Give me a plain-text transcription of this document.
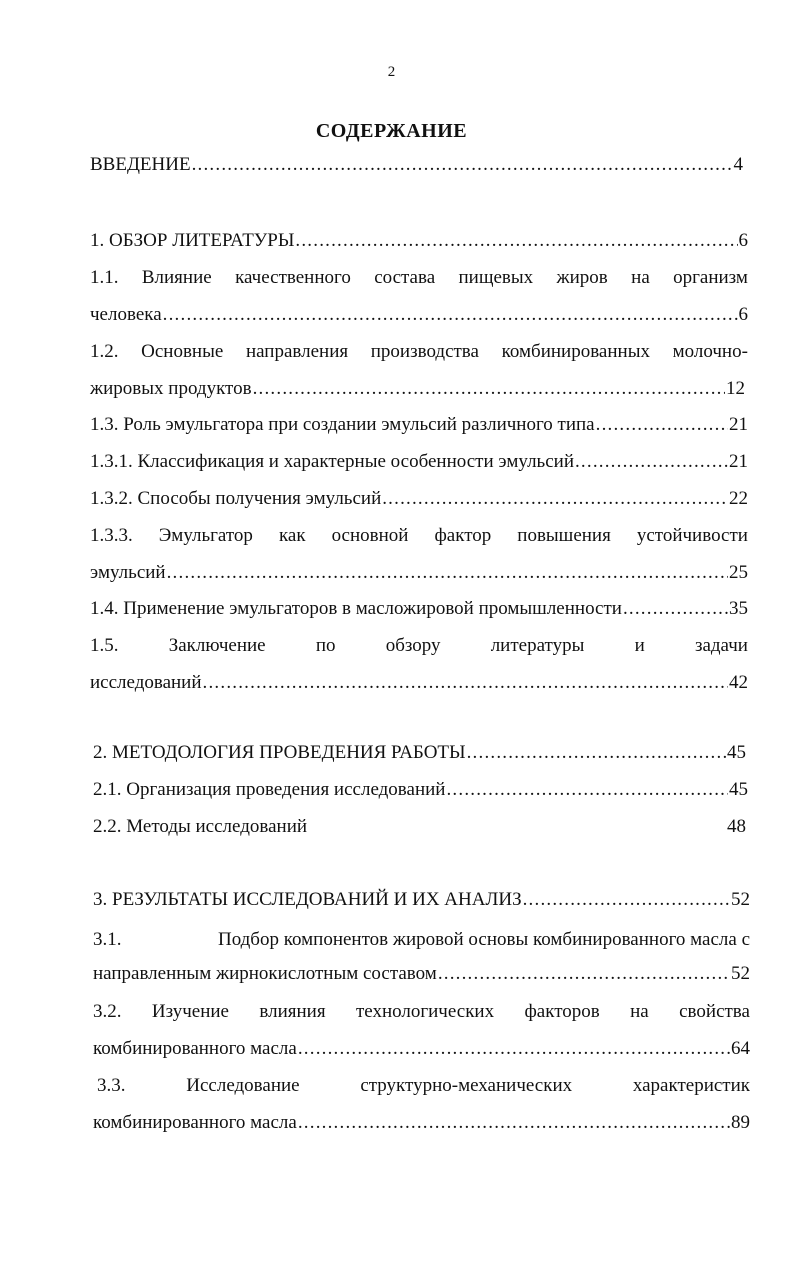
2
СОДЕРЖАНИЕ
ВВЕДЕНИЕ .....	4
1. ОБЗОР ЛИТЕРАТУРЫ .....	6
1.1. Влияние качественного состава пищевых жиров на организм
человека .....	6
1.2. Основные направления производства комбинированных молочно-
жировых продуктов .....	12
1.3. Роль эмульгатора при создании эмульсий различного типа .....	21
1.3.1. Классификация и характерные особенности эмульсий .....	21
1.3.2. Способы получения эмульсий .....	22
1.3.3. Эмульгатор как основной фактор повышения устойчивости
эмульсий .....	25
1.4. Применение эмульгаторов в масложировой промышленности .....	35
1.5.	Заключение	по	обзору	литературы	и	задачи
исследований .....	42
2. МЕТОДОЛОГИЯ ПРОВЕДЕНИЯ РАБОТЫ .....	45
2.1. Организация проведения исследований .....	45
2.2. Методы исследований	48
3. РЕЗУЛЬТАТЫ ИССЛЕДОВАНИЙ И ИХ АНАЛИЗ .....	52
3.1.	Подбор компонентов жировой основы комбинированного масла с
направленным жирнокислотным составом .....	52
3.2. Изучение влияния технологических факторов на свойства
комбинированного масла .....	64
3.3.	Исследование	структурно-механических	характеристик
комбинированного масла .....	89
